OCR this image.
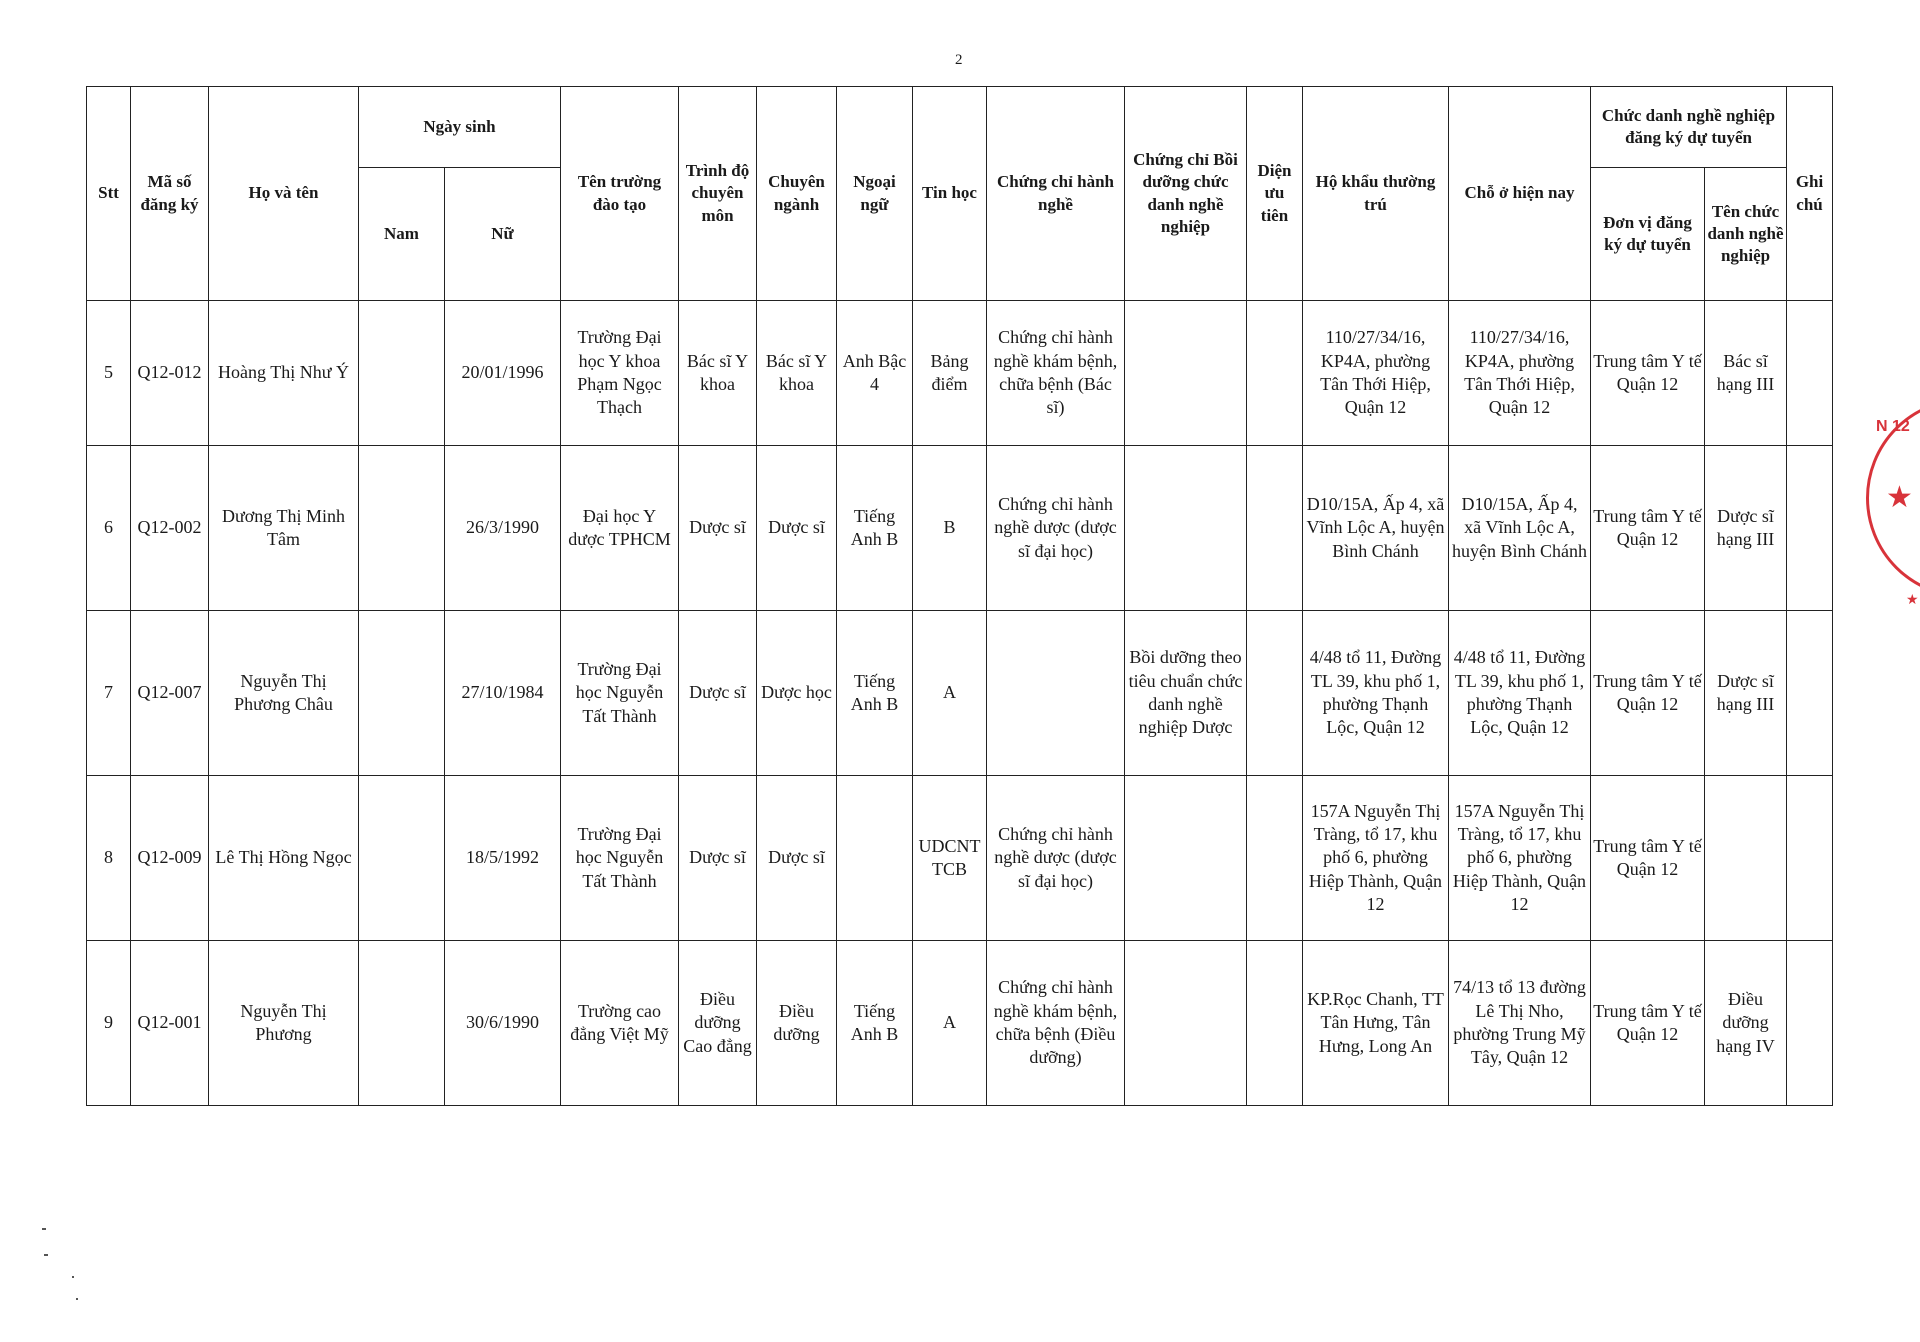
2
Stt	Mã số đăng ký	Họ và tên	Ngày sinh		Tên trường đào tạo	Trình độ chuyên môn	Chuyên ngành	Ngoại ngữ	Tin học	Chứng chỉ hành nghề	Chứng chỉ Bồi dưỡng chức danh nghề nghiệp	Diện ưu tiên	Hộ khẩu thường trú	Chỗ ở hiện nay	Chức danh nghề nghiệp đăng ký dự tuyển		Ghi chú
			Nam	Nữ											Đơn vị đăng ký dự tuyển	Tên chức danh nghề nghiệp	
5	Q12-012	Hoàng Thị Như Ý		20/01/1996	Trường Đại học Y khoa Phạm Ngọc Thạch	Bác sĩ Y khoa	Bác sĩ Y khoa	Anh Bậc 4	Bảng điểm	Chứng chỉ hành nghề khám bệnh, chữa bệnh (Bác sĩ)			110/27/34/16, KP4A, phường Tân Thới Hiệp, Quận 12	110/27/34/16, KP4A, phường Tân Thới Hiệp, Quận 12	Trung tâm Y tế Quận 12	Bác sĩ hạng III	
6	Q12-002	Dương Thị Minh Tâm		26/3/1990	Đại học Y dược TPHCM	Dược sĩ	Dược sĩ	Tiếng Anh B	B	Chứng chỉ hành nghề dược (dược sĩ đại học)			D10/15A, Ấp 4, xã Vĩnh Lộc A, huyện Bình Chánh	D10/15A, Ấp 4, xã Vĩnh Lộc A, huyện Bình Chánh	Trung tâm Y tế Quận 12	Dược sĩ hạng III	
7	Q12-007	Nguyễn Thị Phương Châu		27/10/1984	Trường Đại học Nguyễn Tất Thành	Dược sĩ	Dược học	Tiếng Anh B	A		Bồi dưỡng theo tiêu chuẩn chức danh nghề nghiệp Dược		4/48 tổ 11, Đường TL 39, khu phố 1, phường Thạnh Lộc, Quận 12	4/48 tổ 11, Đường TL 39, khu phố 1, phường Thạnh Lộc, Quận 12	Trung tâm Y tế Quận 12	Dược sĩ hạng III	
8	Q12-009	Lê Thị Hồng Ngọc		18/5/1992	Trường Đại học Nguyễn Tất Thành	Dược sĩ	Dược sĩ		UDCNT TCB	Chứng chỉ hành nghề dược (dược sĩ đại học)			157A Nguyễn Thị Tràng, tổ 17, khu phố 6, phường Hiệp Thành, Quận 12	157A Nguyễn Thị Tràng, tổ 17, khu phố 6, phường Hiệp Thành, Quận 12	Trung tâm Y tế Quận 12		
9	Q12-001	Nguyễn Thị Phương		30/6/1990	Trường cao đẳng Việt Mỹ	Điều dưỡng Cao đẳng	Điều dưỡng	Tiếng Anh B	A	Chứng chỉ hành nghề khám bệnh, chữa bệnh (Điều dưỡng)			KP.Rọc Chanh, TT Tân Hưng, Tân Hưng, Long An	74/13 tổ 13 đường Lê Thị Nho, phường Trung Mỹ Tây, Quận 12	Trung tâm Y tế Quận 12	Điều dưỡng hạng IV	
N 12
★
★
